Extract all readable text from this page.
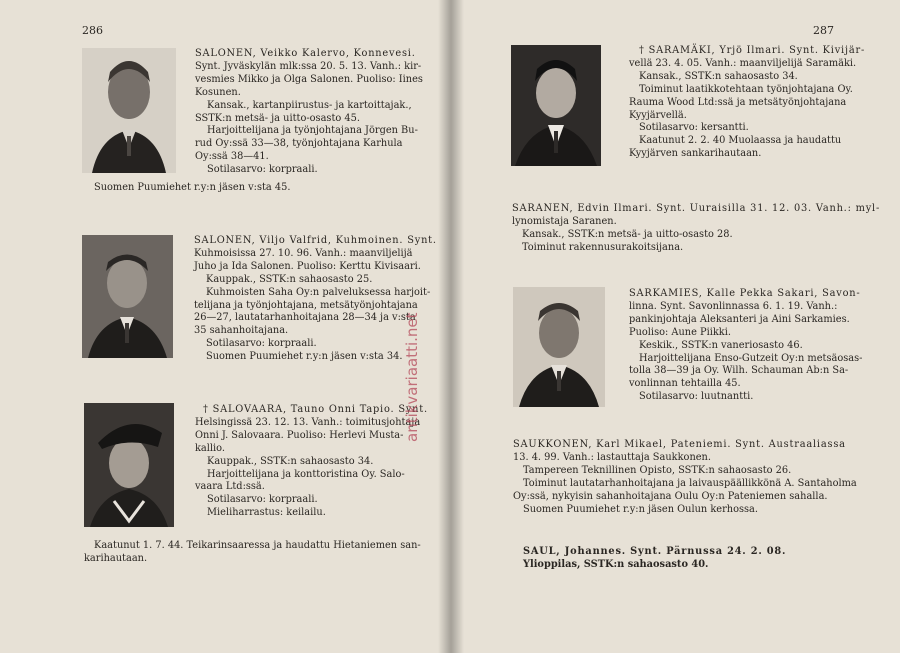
286
SALONEN, Veikko Kalervo, Konnevesi.
Synt. Jyväskylän mlk:ssa 20. 5. 13. Vanh.: kir-
vesmies Mikko ja Olga Salonen. Puoliso: Iines
Kosunen.
Kansak., kartanpiirustus- ja kartoittajak.,
SSTK:n metsä- ja uitto-osasto 45.
Harjoittelijana ja työnjohtajana Jörgen Bu-
rud Oy:ssä 33—38, työnjohtajana Karhula
Oy:ssä 38—41.
Sotilasarvo: korpraali.
Suomen Puumiehet r.y:n jäsen v:sta 45.
SALONEN, Viljo Valfrid, Kuhmoinen. Synt.
Kuhmoisissa 27. 10. 96. Vanh.: maanviljelijä
Juho ja Ida Salonen. Puoliso: Kerttu Kivisaari.
Kauppak., SSTK:n sahaosasto 25.
Kuhmoisten Saha Oy:n palveluksessa harjoit-
telijana ja työnjohtajana, metsätyönjohtajana
26—27, lautatarhanhoitajana 28—34 ja v:sta
35 sahanhoitajana.
Sotilasarvo: korpraali.
Suomen Puumiehet r.y:n jäsen v:sta 34.
† SALOVAARA, Tauno Onni Tapio. Synt.
Helsingissä 23. 12. 13. Vanh.: toimitusjohtaja
Onni J. Salovaara. Puoliso: Herlevi Musta-
kallio.
Kauppak., SSTK:n sahaosasto 34.
Harjoittelijana ja konttoristina Oy. Salo-
vaara Ltd:ssä.
Sotilasarvo: korpraali.
Mieliharrastus: keilailu.
Kaatunut 1. 7. 44. Teikarinsaaressa ja haudattu Hietaniemen san-
karihautaan.
antikvariaatti.net
287
† SARAMÄKI, Yrjö Ilmari. Synt. Kivijär-
vellä 23. 4. 05. Vanh.: maanviljelijä Saramäki.
Kansak., SSTK:n sahaosasto 34.
Toiminut laatikkotehtaan työnjohtajana Oy.
Rauma Wood Ltd:ssä ja metsätyönjohtajana
Kyyjärvellä.
Sotilasarvo: kersantti.
Kaatunut 2. 2. 40 Muolaassa ja haudattu
Kyyjärven sankarihautaan.
SARANEN, Edvin Ilmari. Synt. Uuraisilla 31. 12. 03. Vanh.: myl-
lynomistaja Saranen.
Kansak., SSTK:n metsä- ja uitto-osasto 28.
Toiminut rakennusurakoitsijana.
SARKAMIES, Kalle Pekka Sakari, Savon-
linna. Synt. Savonlinnassa 6. 1. 19. Vanh.:
pankinjohtaja Aleksanteri ja Aini Sarkamies.
Puoliso: Aune Piikki.
Keskik., SSTK:n vaneriosasto 46.
Harjoittelijana Enso-Gutzeit Oy:n metsäosas-
tolla 38—39 ja Oy. Wilh. Schauman Ab:n Sa-
vonlinnan tehtailla 45.
Sotilasarvo: luutnantti.
SAUKKONEN, Karl Mikael, Pateniemi. Synt. Austraaliassa
13. 4. 99. Vanh.: lastauttaja Saukkonen.
Tampereen Teknillinen Opisto, SSTK:n sahaosasto 26.
Toiminut lautatarhanhoitajana ja laivauspäällikkönä A. Santaholma
Oy:ssä, nykyisin sahanhoitajana Oulu Oy:n Pateniemen sahalla.
Suomen Puumiehet r.y:n jäsen Oulun kerhossa.
SAUL, Johannes. Synt. Pärnussa 24. 2. 08.
Ylioppilas, SSTK:n sahaosasto 40.
